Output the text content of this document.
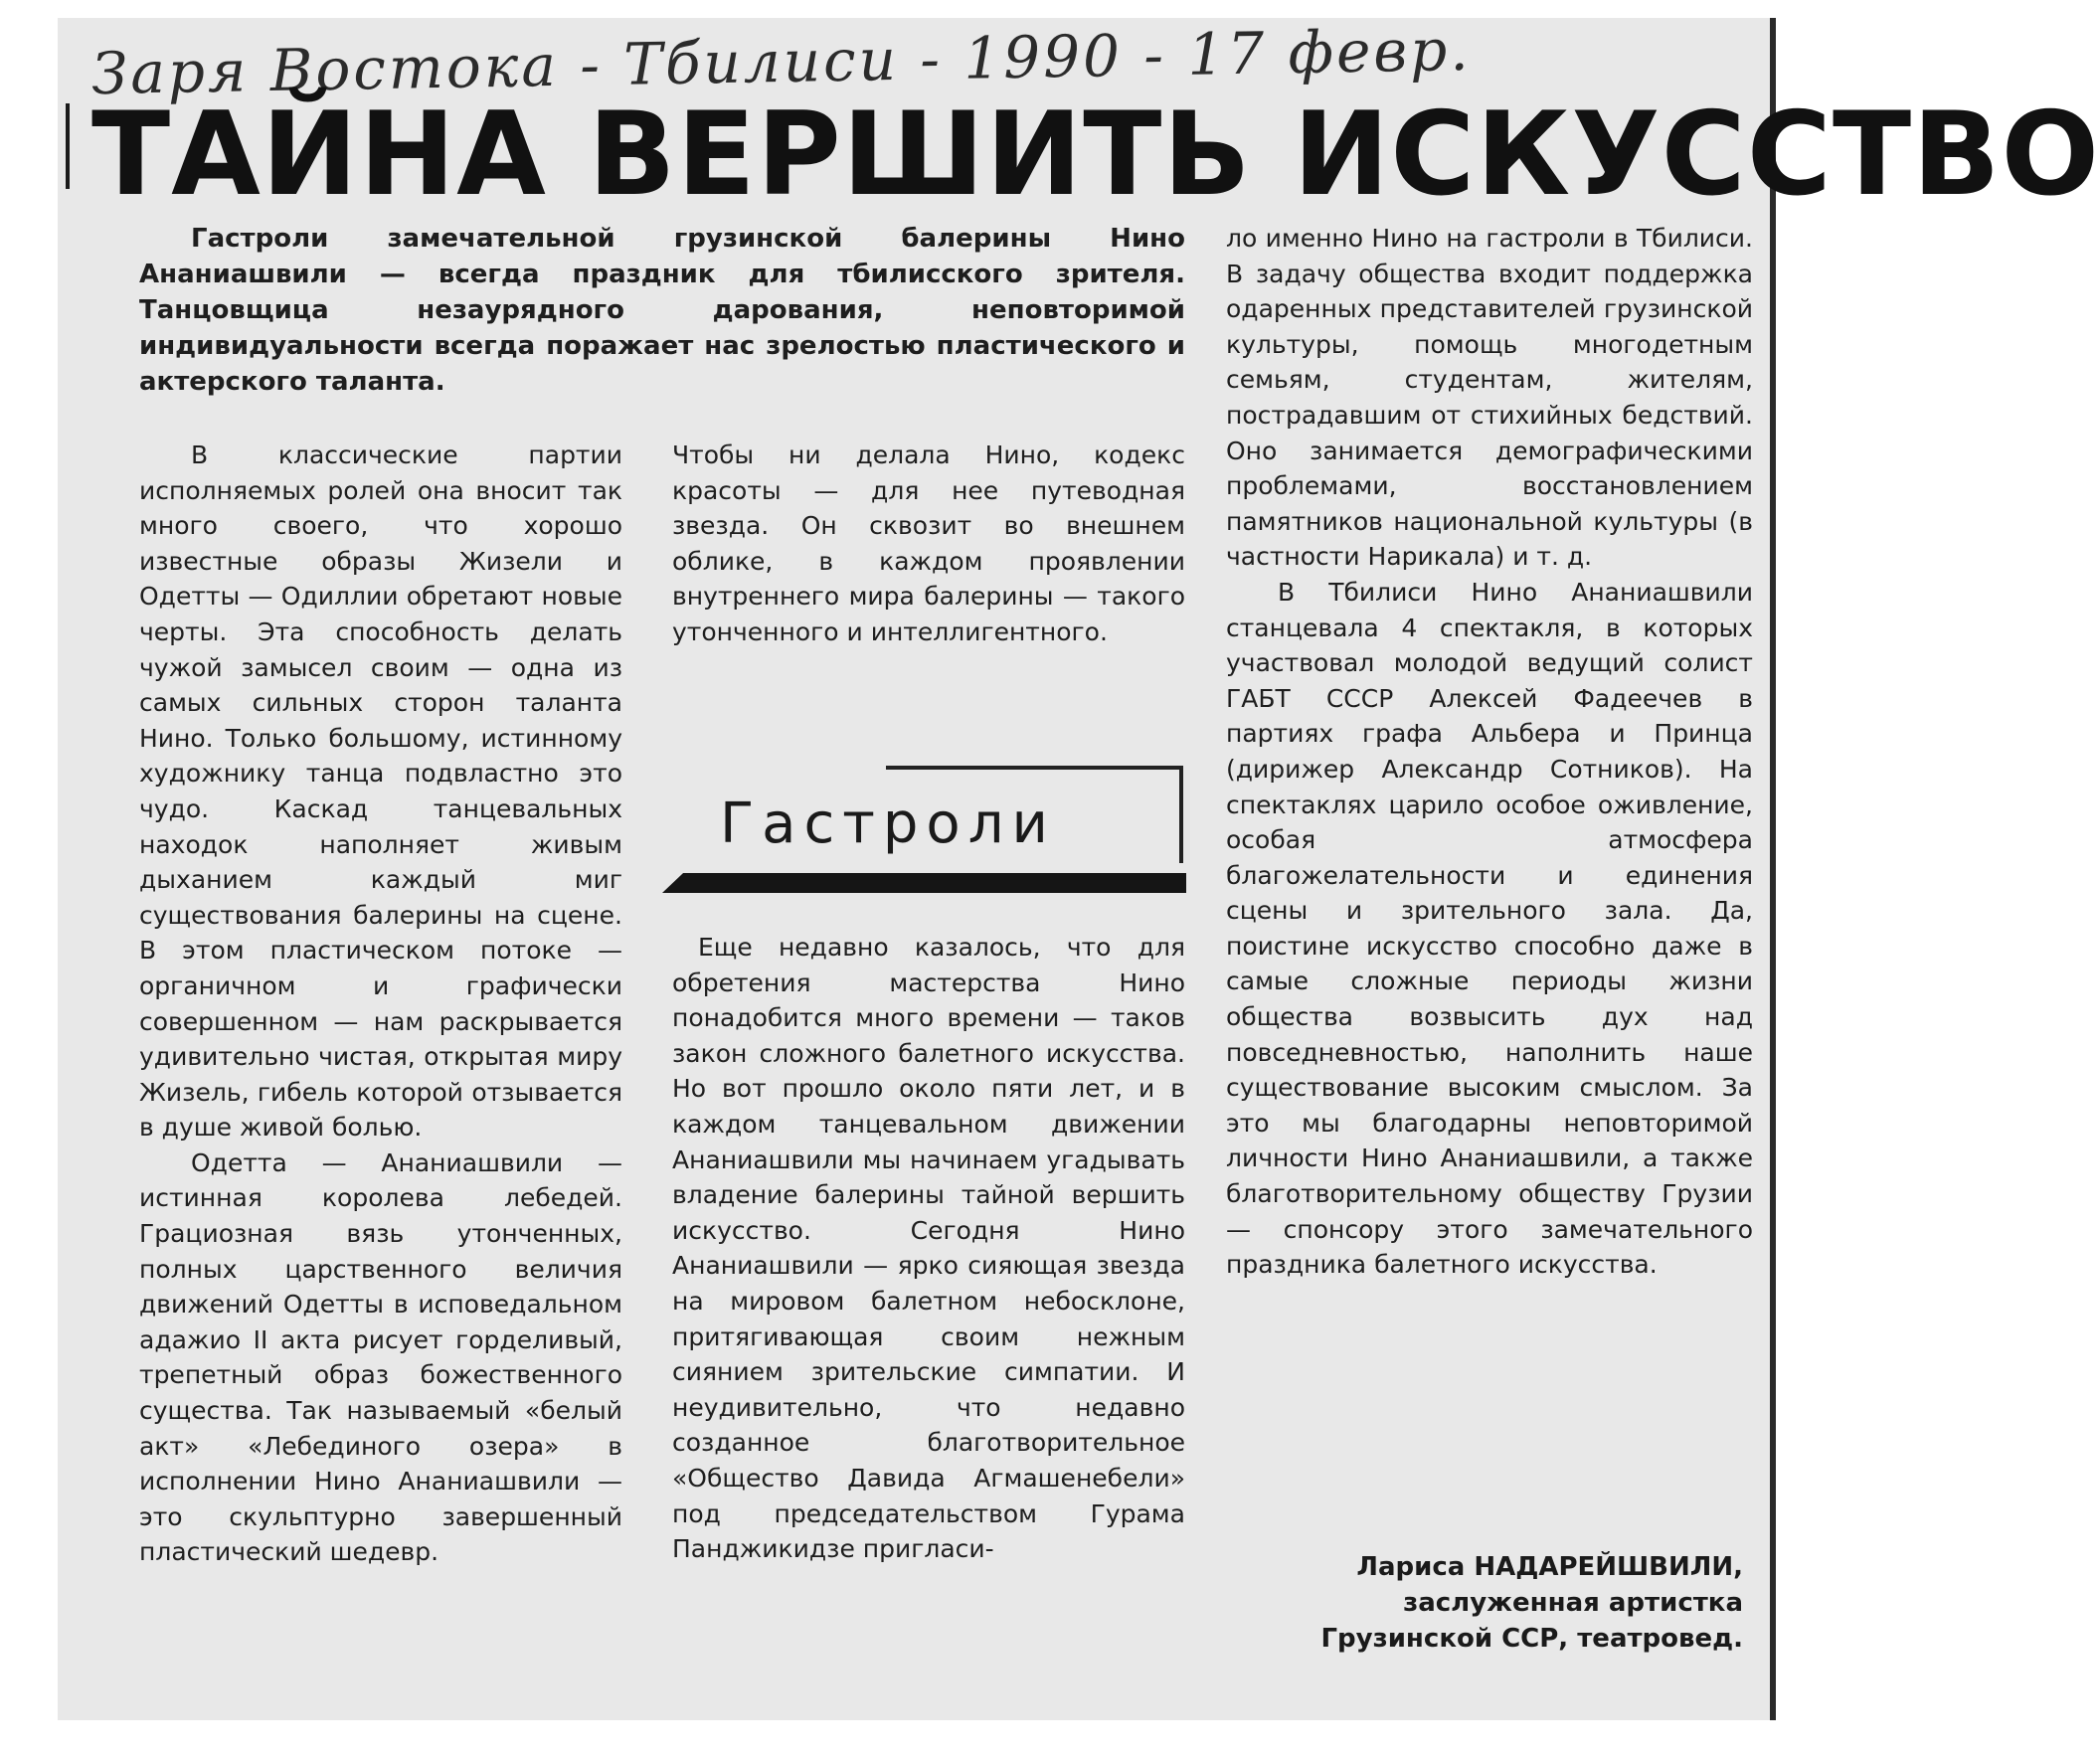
Заря Востока - Тбилиси - 1990 - 17 февр.
ТАЙНА ВЕРШИТЬ ИСКУССТВО
Гастроли замечательной грузинской балерины Нино Ананиашвили — всегда праздник для тбилисского зрителя. Танцовщица незаурядного дарования, неповторимой индивидуальности всегда поражает нас зрелостью пластического и актерского таланта.

В классические партии исполняемых ролей она вносит так много своего, что хорошо известные образы Жизели и Одетты — Одиллии обретают новые черты. Эта способность делать чужой замысел своим — одна из самых сильных сторон таланта Нино. Только большому, истинному художнику танца подвластно это чудо. Каскад танцевальных находок наполняет живым дыханием каждый миг существования балерины на сцене. В этом пластическом потоке — органичном и графически совершенном — нам раскрывается удивительно чистая, открытая миру Жизель, гибель которой отзывается в душе живой болью.

Одетта — Ананиашвили — истинная королева лебедей. Грациозная вязь утонченных, полных царственного величия движений Одетты в исповедальном адажио II акта рисует горделивый, трепетный образ божественного существа. Так называемый «белый акт» «Лебединого озера» в исполнении Нино Ананиашвили — это скульптурно завершенный пластический шедевр.

Чтобы ни делала Нино, кодекс красоты — для нее путеводная звезда. Он сквозит во внешнем облике, в каждом проявлении внутреннего мира балерины — такого утонченного и интеллигентного.

Гастроли

Еще недавно казалось, что для обретения мастерства Нино понадобится много времени — таков закон сложного балетного искусства. Но вот прошло около пяти лет, и в каждом танцевальном движении Ананиашвили мы начинаем угадывать владение балерины тайной вершить искусство. Сегодня Нино Ананиашвили — ярко сияющая звезда на мировом балетном небосклоне, притягивающая своим нежным сиянием зрительские симпатии. И неудивительно, что недавно созданное благотворительное «Общество Давида Агмашенебели» под председательством Гурама Панджикидзе пригласи-

ло именно Нино на гастроли в Тбилиси. В задачу общества входит поддержка одаренных представителей грузинской культуры, помощь многодетным семьям, студентам, жителям, пострадавшим от стихийных бедствий. Оно занимается демографическими проблемами, восстановлением памятников национальной культуры (в частности Нарикала) и т. д.

В Тбилиси Нино Ананиашвили станцевала 4 спектакля, в которых участвовал молодой ведущий солист ГАБТ СССР Алексей Фадеечев в партиях графа Альбера и Принца (дирижер Александр Сотников). На спектаклях царило особое оживление, особая атмосфера благожелательности и единения сцены и зрительного зала. Да, поистине искусство способно даже в самые сложные периоды жизни общества возвысить дух над повседневностью, наполнить наше существование высоким смыслом. За это мы благодарны неповторимой личности Нино Ананиашвили, а также благотворительному обществу Грузии — спонсору этого замечательного праздника балетного искусства.

Лариса НАДАРЕЙШВИЛИ,
заслуженная артистка
Грузинской ССР, театровед.
